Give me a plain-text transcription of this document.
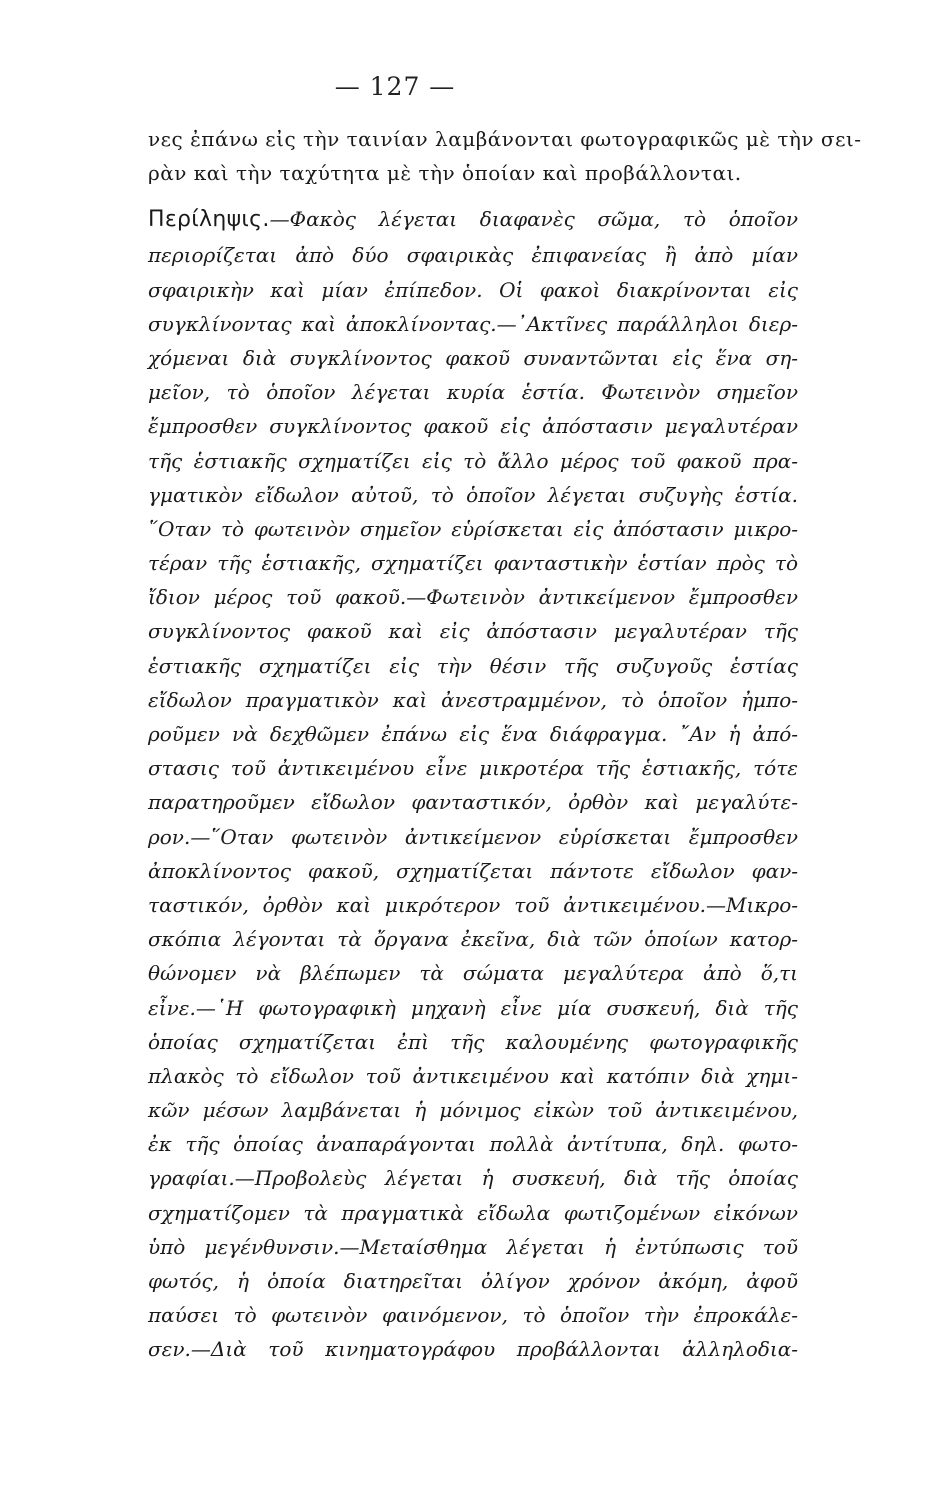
— 127 —
νες ἐπάνω εἰς τὴν ταινίαν λαμβάνονται φωτογραφικῶς μὲ τὴν σει-
ρὰν καὶ τὴν ταχύτητα μὲ τὴν ὁποίαν καὶ προβάλλονται.
Περίληψις.—Φακὸς λέγεται διαφανὲς σῶμα, τὸ ὁποῖον
περιορίζεται ἀπὸ δύο σφαιρικὰς ἐπιφανείας ἢ ἀπὸ μίαν
σφαιρικὴν καὶ μίαν ἐπίπεδον. Οἱ φακοὶ διακρίνονται εἰς
συγκλίνοντας καὶ ἀποκλίνοντας.—᾿Ακτῖνες παράλληλοι διερ-
χόμεναι διὰ συγκλίνοντος φακοῦ συναντῶνται εἰς ἕνα ση-
μεῖον, τὸ ὁποῖον λέγεται κυρία ἑστία. Φωτεινὸν σημεῖον
ἔμπροσθεν συγκλίνοντος φακοῦ εἰς ἀπόστασιν μεγαλυτέραν
τῆς ἑστιακῆς σχηματίζει εἰς τὸ ἄλλο μέρος τοῦ φακοῦ πρα-
γματικὸν εἴδωλον αὐτοῦ, τὸ ὁποῖον λέγεται συζυγὴς ἑστία.
῞Οταν τὸ φωτεινὸν σημεῖον εὑρίσκεται εἰς ἀπόστασιν μικρο-
τέραν τῆς ἑστιακῆς, σχηματίζει φανταστικὴν ἑστίαν πρὸς τὸ
ἴδιον μέρος τοῦ φακοῦ.—Φωτεινὸν ἀντικείμενον ἔμπροσθεν
συγκλίνοντος φακοῦ καὶ εἰς ἀπόστασιν μεγαλυτέραν τῆς
ἑστιακῆς σχηματίζει εἰς τὴν θέσιν τῆς συζυγοῦς ἑστίας
εἴδωλον πραγματικὸν καὶ ἀνεστραμμένον, τὸ ὁποῖον ἠμπο-
ροῦμεν νὰ δεχθῶμεν ἐπάνω εἰς ἕνα διάφραγμα. ῎Αν ἡ ἀπό-
στασις τοῦ ἀντικειμένου εἶνε μικροτέρα τῆς ἑστιακῆς, τότε
παρατηροῦμεν εἴδωλον φανταστικόν, ὀρθὸν καὶ μεγαλύτε-
ρον.—῞Οταν φωτεινὸν ἀντικείμενον εὑρίσκεται ἔμπροσθεν
ἀποκλίνοντος φακοῦ, σχηματίζεται πάντοτε εἴδωλον φαν-
ταστικόν, ὀρθὸν καὶ μικρότερον τοῦ ἀντικειμένου.—Μικρο-
σκόπια λέγονται τὰ ὄργανα ἐκεῖνα, διὰ τῶν ὁποίων κατορ-
θώνομεν νὰ βλέπωμεν τὰ σώματα μεγαλύτερα ἀπὸ ὅ,τι
εἶνε.—῾Η φωτογραφικὴ μηχανὴ εἶνε μία συσκευή, διὰ τῆς
ὁποίας σχηματίζεται ἐπὶ τῆς καλουμένης φωτογραφικῆς
πλακὸς τὸ εἴδωλον τοῦ ἀντικειμένου καὶ κατόπιν διὰ χημι-
κῶν μέσων λαμβάνεται ἡ μόνιμος εἰκὼν τοῦ ἀντικειμένου,
ἐκ τῆς ὁποίας ἀναπαράγονται πολλὰ ἀντίτυπα, δηλ. φωτο-
γραφίαι.—Προβολεὺς λέγεται ἡ συσκευή, διὰ τῆς ὁποίας
σχηματίζομεν τὰ πραγματικὰ εἴδωλα φωτιζομένων εἰκόνων
ὑπὸ μεγένθυνσιν.—Μεταίσθημα λέγεται ἡ ἐντύπωσις τοῦ
φωτός, ἡ ὁποία διατηρεῖται ὀλίγον χρόνον ἀκόμη, ἀφοῦ
παύσει τὸ φωτεινὸν φαινόμενον, τὸ ὁποῖον τὴν ἐπροκάλε-
σεν.—Διὰ τοῦ κινηματογράφου προβάλλονται ἀλληλοδια-
